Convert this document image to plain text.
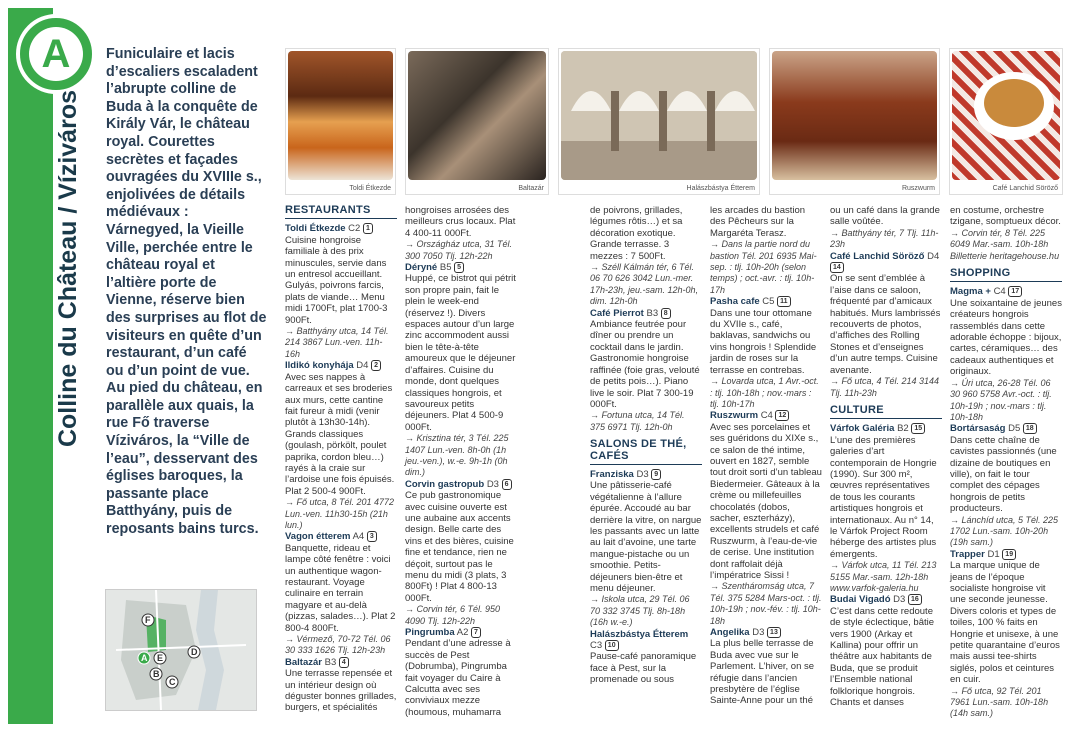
A
Colline du Château / Víziváros
Funiculaire et lacis d’escaliers escaladent l’abrupte colline de Buda à la conquête de Király Vár, le château royal. Courettes secrètes et façades ouvragées du XVIIIe s., enjolivées de détails médiévaux : Várnegyed, la Vieille Ville, perchée entre le château royal et l’altière porte de Vienne, réserve bien des surprises au flot de visiteurs en quête d’un restaurant, d’un café ou d’un point de vue. Au pied du château, en parallèle aux quais, la rue Fő traverse Víziváros, la “Ville de l’eau”, desservant des églises baroques, la passante place Batthyány, puis de reposants bains turcs.
F
A E
B
C
D
Toldi Étkezde	Baltazár	Halászbástya Étterem	Ruszwurm	Café Lanchid Söröző
RESTAURANTS

Toldi Étkezde C2 1

Cuisine hongroise familiale à des prix minuscules, servie dans un entresol accueillant. Gulyás, poivrons farcis, plats de viande… Menu midi 1700Ft, plat 1700-3 900Ft.

→ Batthyány utca, 14 Tél. 214 3867 Lun.-ven. 11h-16h

Ildikó konyhája D4 2

Avec ses nappes à carreaux et ses broderies aux murs, cette cantine fait fureur à midi (venir plutôt à 13h30-14h). Grands classiques (goulash, pörkölt, poulet paprika, cordon bleu…) rayés à la craie sur l’ardoise une fois épuisés. Plat 2 500-4 900Ft.

→ Fő utca, 8 Tél. 201 4772 Lun.-ven. 11h30-15h (21h lun.)

Vagon étterem A4 3

Banquette, rideau et lampe côté fenêtre : voici un authentique wagon-restaurant. Voyage culinaire en terrain magyare et au-delà (pizzas, salades…). Plat 2 800-4 800Ft.

→ Vérmező, 70-72 Tél. 06 30 333 1626 Tlj. 12h-23h

Baltazár B3 4

Une terrasse repensée et un intérieur design où déguster bonnes grillades, burgers, et spécialités

hongroises arrosées des meilleurs crus locaux. Plat 4 400-11 000Ft.

→ Országház utca, 31 Tél. 300 7050 Tlj. 12h-22h

Déryné B5 5

Huppé, ce bistrot qui pétrit son propre pain, fait le plein le week-end (réservez !). Divers espaces autour d’un large zinc accommodent aussi bien le tête-à-tête amoureux que le déjeuner d’affaires. Cuisine du monde, dont quelques classiques hongrois, et savoureux petits déjeuners. Plat 4 500-9 000Ft.

→ Krisztina tér, 3 Tél. 225 1407 Lun.-ven. 8h-0h (1h jeu.-ven.), w.-e. 9h-1h (0h dim.)

Corvin gastropub D3 6

Ce pub gastronomique avec cuisine ouverte est une aubaine aux accents design. Belle carte des vins et des bières, cuisine fine et tendance, rien ne déçoit, surtout pas le menu du midi (3 plats, 3 800Ft) ! Plat 4 800-13 000Ft.

→ Corvin tér, 6 Tél. 950 4090 Tlj. 12h-22h

Pingrumba A2 7

Pendant d’une adresse à succès de Pest (Dobrumba), Pingrumba fait voyager du Caire à Calcutta avec ses conviviaux mezze (houmous, muhamarra

de poivrons, grillades, légumes rôtis…) et sa décoration exotique. Grande terrasse. 3 mezzes : 7 500Ft.

→ Széll Kálmán tér, 6 Tél. 06 70 626 3042 Lun.-mer. 17h-23h, jeu.-sam. 12h-0h, dim. 12h-0h

Café Pierrot B3 8

Ambiance feutrée pour dîner ou prendre un cocktail dans le jardin. Gastronomie hongroise raffinée (foie gras, velouté de petits pois…). Piano live le soir. Plat 7 300-19 000Ft.

→ Fortuna utca, 14 Tél. 375 6971 Tlj. 12h-0h

SALONS DE THÉ, CAFÉS

Franziska D3 9

Une pâtisserie-café végétalienne à l’allure épurée. Accoudé au bar derrière la vitre, on nargue les passants avec un latte au lait d’avoine, une tarte mangue-pistache ou un smoothie. Petits-déjeuners bien-être et menu déjeuner.

→ Iskola utca, 29 Tél. 06 70 332 3745 Tlj. 8h-18h (16h w.-e.)

Halászbástya Étterem C3 10

Pause-café panoramique face à Pest, sur la promenade ou sous

les arcades du bastion des Pêcheurs sur la Margaréta Terasz.

→ Dans la partie nord du bastion Tél. 201 6935 Mai-sep. : tlj. 10h-20h (selon temps) ; oct.-avr. : tlj. 10h-17h

Pasha cafe C5 11

Dans une tour ottomane du XVIIe s., café, baklavas, sandwichs ou vins hongrois ! Splendide jardin de roses sur la terrasse en contrebas.

→ Lovarda utca, 1 Avr.-oct. : tlj. 10h-18h ; nov.-mars : tlj. 10h-17h

Ruszwurm C4 12

Avec ses porcelaines et ses guéridons du XIXe s., ce salon de thé intime, ouvert en 1827, semble tout droit sorti d’un tableau Biedermeier. Gâteaux à la crème ou millefeuilles chocolatés (dobos, sacher, eszterházy), excellents strudels et café Ruszwurm, à l’eau-de-vie de cerise. Une institution dont raffolait déjà l’impératrice Sissi !

→ Szentháromság utca, 7 Tél. 375 5284 Mars-oct. : tlj. 10h-19h ; nov.-fév. : tlj. 10h-18h

Angelika D3 13

La plus belle terrasse de Buda avec vue sur le Parlement. L’hiver, on se réfugie dans l’ancien presbytère de l’église Sainte-Anne pour un thé

ou un café dans la grande salle voûtée.

→ Batthyány tér, 7 Tlj. 11h-23h

Café Lanchid Söröző D4 14

On se sent d’emblée à l’aise dans ce saloon, fréquenté par d’amicaux habitués. Murs lambrissés recouverts de photos, d’affiches des Rolling Stones et d’enseignes d’un autre temps. Cuisine avenante.

→ Fő utca, 4 Tél. 214 3144 Tlj. 11h-23h

CULTURE

Várfok Galéria B2 15

L’une des premières galeries d’art contemporain de Hongrie (1990). Sur 300 m², œuvres représentatives de tous les courants artistiques hongrois et internationaux. Au n° 14, le Várfok Project Room héberge des artistes plus émergents.

→ Várfok utca, 11 Tél. 213 5155 Mar.-sam. 12h-18h www.varfok-galeria.hu

Budai Vigadó D3 16

C’est dans cette redoute de style éclectique, bâtie vers 1900 (Arkay et Kallina) pour offrir un théâtre aux habitants de Buda, que se produit l’Ensemble national folklorique hongrois. Chants et danses

en costume, orchestre tzigane, somptueux décor.

→ Corvin tér, 8 Tél. 225 6049 Mar.-sam. 10h-18h Billetterie heritagehouse.hu

SHOPPING

Magma + C4 17

Une soixantaine de jeunes créateurs hongrois rassemblés dans cette adorable échoppe : bijoux, cartes, céramiques… des cadeaux authentiques et originaux.

→ Úri utca, 26-28 Tél. 06 30 960 5758 Avr.-oct. : tlj. 10h-19h ; nov.-mars : tlj. 10h-18h

Bortársaság D5 18

Dans cette chaîne de cavistes passionnés (une dizaine de boutiques en ville), on fait le tour complet des cépages hongrois de petits producteurs.

→ Lánchíd utca, 5 Tél. 225 1702 Lun.-sam. 10h-20h (19h sam.)

Trapper D1 19

La marque unique de jeans de l’époque socialiste hongroise vit une seconde jeunesse. Divers coloris et types de toiles, 100 % faits en Hongrie et unisexe, à une petite quarantaine d’euros mais aussi tee-shirts siglés, polos et ceintures en cuir.

→ Fő utca, 92 Tél. 201 7961 Lun.-sam. 10h-18h (14h sam.)
